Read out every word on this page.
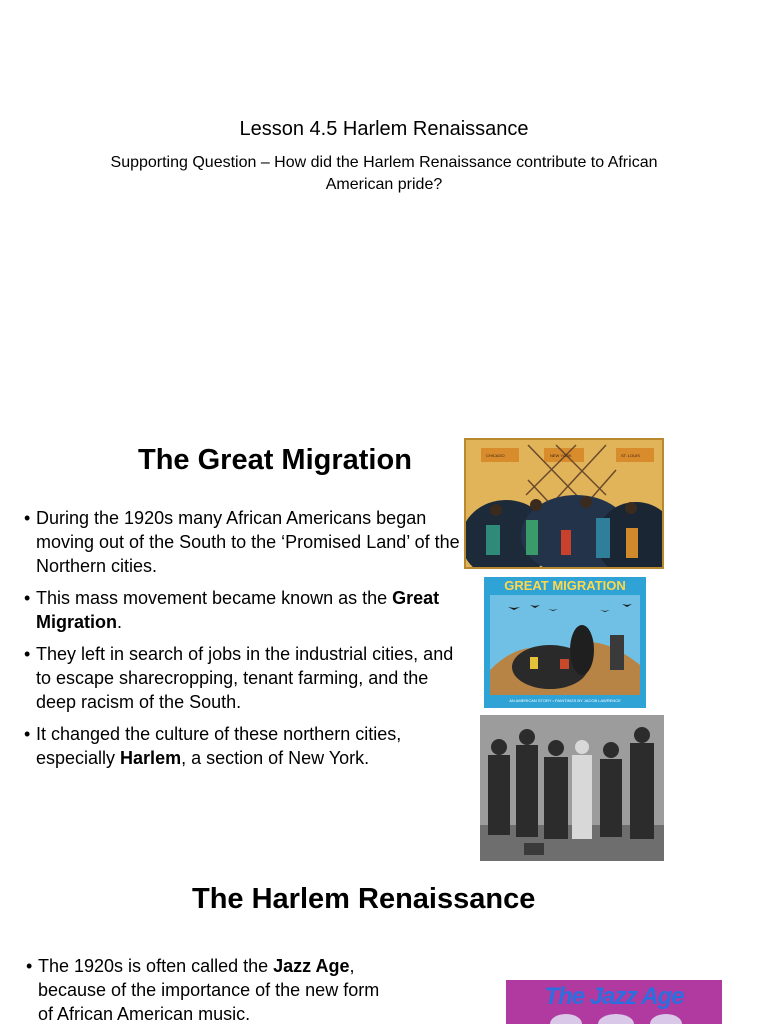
Lesson 4.5 Harlem Renaissance
Supporting Question – How did the Harlem Renaissance contribute to African American pride?
The Great Migration
• During the 1920s many African Americans began moving out of the South to the ‘Promised Land’ of the Northern cities.
• This mass movement became known as the Great Migration.
• They left in search of jobs in the industrial cities, and to escape sharecropping, tenant farming, and the deep racism of the South.
• It changed the culture of these northern cities, especially Harlem, a section of New York.
CHICAGO	NEW YORK	ST. LOUIS
GREAT MIGRATION
AN AMERICAN STORY • PAINTINGS BY JACOB LAWRENCE
The Harlem Renaissance
• The 1920s is often called the Jazz Age, because of the importance of the new form of African American music.
The Jazz Age
